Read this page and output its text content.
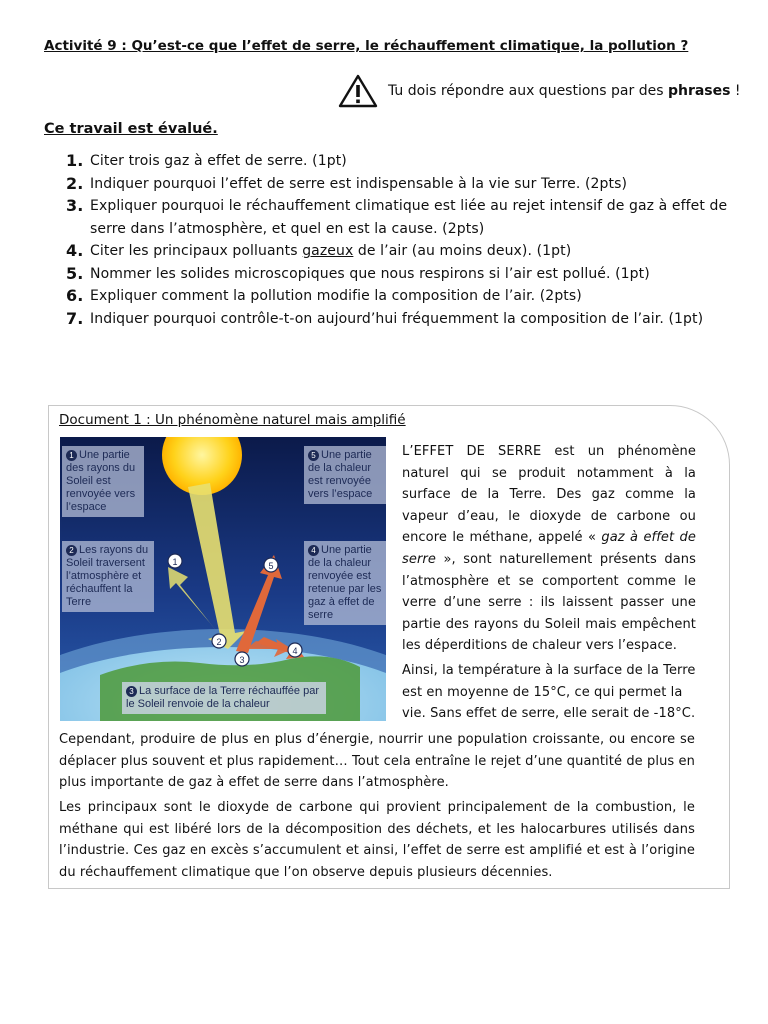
Activité 9 : Qu’est-ce que l’effet de serre, le réchauffement climatique, la pollution ?
Tu dois répondre aux questions par des phrases !
Ce travail est évalué.
1. Citer trois gaz à effet de serre. (1pt)
2. Indiquer pourquoi l’effet de serre est indispensable à la vie sur Terre. (2pts)
3. Expliquer pourquoi le réchauffement climatique est liée au rejet intensif de gaz à effet de serre dans l’atmosphère, et quel en est la cause. (2pts)
4. Citer les principaux polluants gazeux de l’air (au moins deux). (1pt)
5. Nommer les solides microscopiques que nous respirons si l’air est pollué. (1pt)
6. Expliquer comment la pollution modifie la composition de l’air. (2pts)
7. Indiquer pourquoi contrôle-t-on aujourd’hui fréquemment la composition de l’air. (1pt)
Document 1 : Un phénomène naturel mais amplifié
1
2
3
4
5
1 Une partie des rayons du Soleil est renvoyée vers l’espace
2 Les rayons du Soleil traversent l’atmosphère et réchauffent la Terre
5 Une partie de la chaleur est renvoyée vers l’espace
4 Une partie de la chaleur renvoyée est retenue par les gaz à effet de serre
3 La surface de la Terre réchauffée par le Soleil renvoie de la chaleur

L’EFFET DE SERRE est un phénomène naturel qui se produit notamment à la surface de la Terre. Des gaz comme la vapeur d’eau, le dioxyde de carbone ou encore le méthane, appelé « gaz à effet de serre », sont naturellement présents dans l’atmosphère et se comportent comme le verre d’une serre : ils laissent passer une partie des rayons du Soleil mais empêchent les déperditions de chaleur vers l’espace.

Ainsi, la température à la surface de la Terre est en moyenne de 15°C, ce qui permet la vie. Sans effet de serre, elle serait de -18°C.

Cependant, produire de plus en plus d’énergie, nourrir une population croissante, ou encore se déplacer plus souvent et plus rapidement… Tout cela entraîne le rejet d’une quantité de plus en plus importante de gaz à effet de serre dans l’atmosphère.

Les principaux sont le dioxyde de carbone qui provient principalement de la combustion, le méthane qui est libéré lors de la décomposition des déchets, et les halocarbures utilisés dans l’industrie. Ces gaz en excès s’accumulent et ainsi, l’effet de serre est amplifié et est à l’origine du réchauffement climatique que l’on observe depuis plusieurs décennies.
